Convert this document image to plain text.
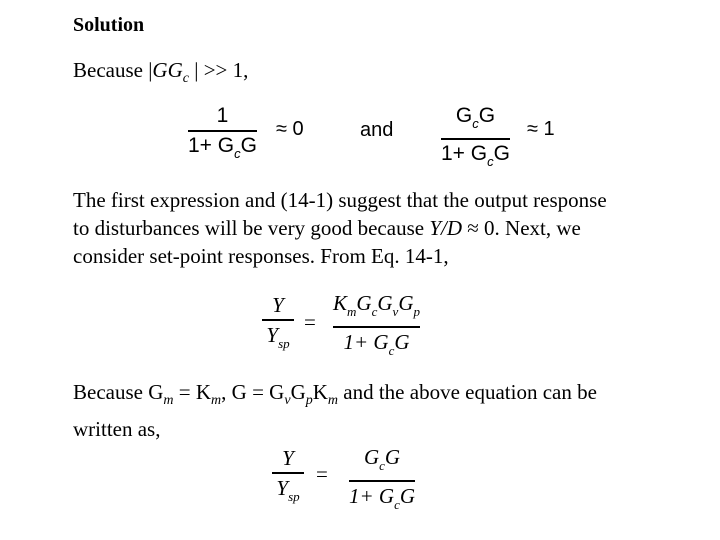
Solution
Because $|GG_c$ | >> 1,
1
$1+ G_cG$
≈ 0	and
$G_cG$
$1+ G_cG$
≈ 1
The first expression and (14-1) suggest that the output response
to disturbances will be very good because Y/D ≈ 0. Next, we
consider set-point responses. From Eq. 14-1,
Y
$Y_{sp}$
=
$K_mG_cG_vG_p$
$1+ G_cG$
Because $G_m = K_m$, $G = G_vG_pK_m$ and the above equation can be
written as,
Y
$Y_{sp}$
=
$G_cG$
$1+ G_cG$
